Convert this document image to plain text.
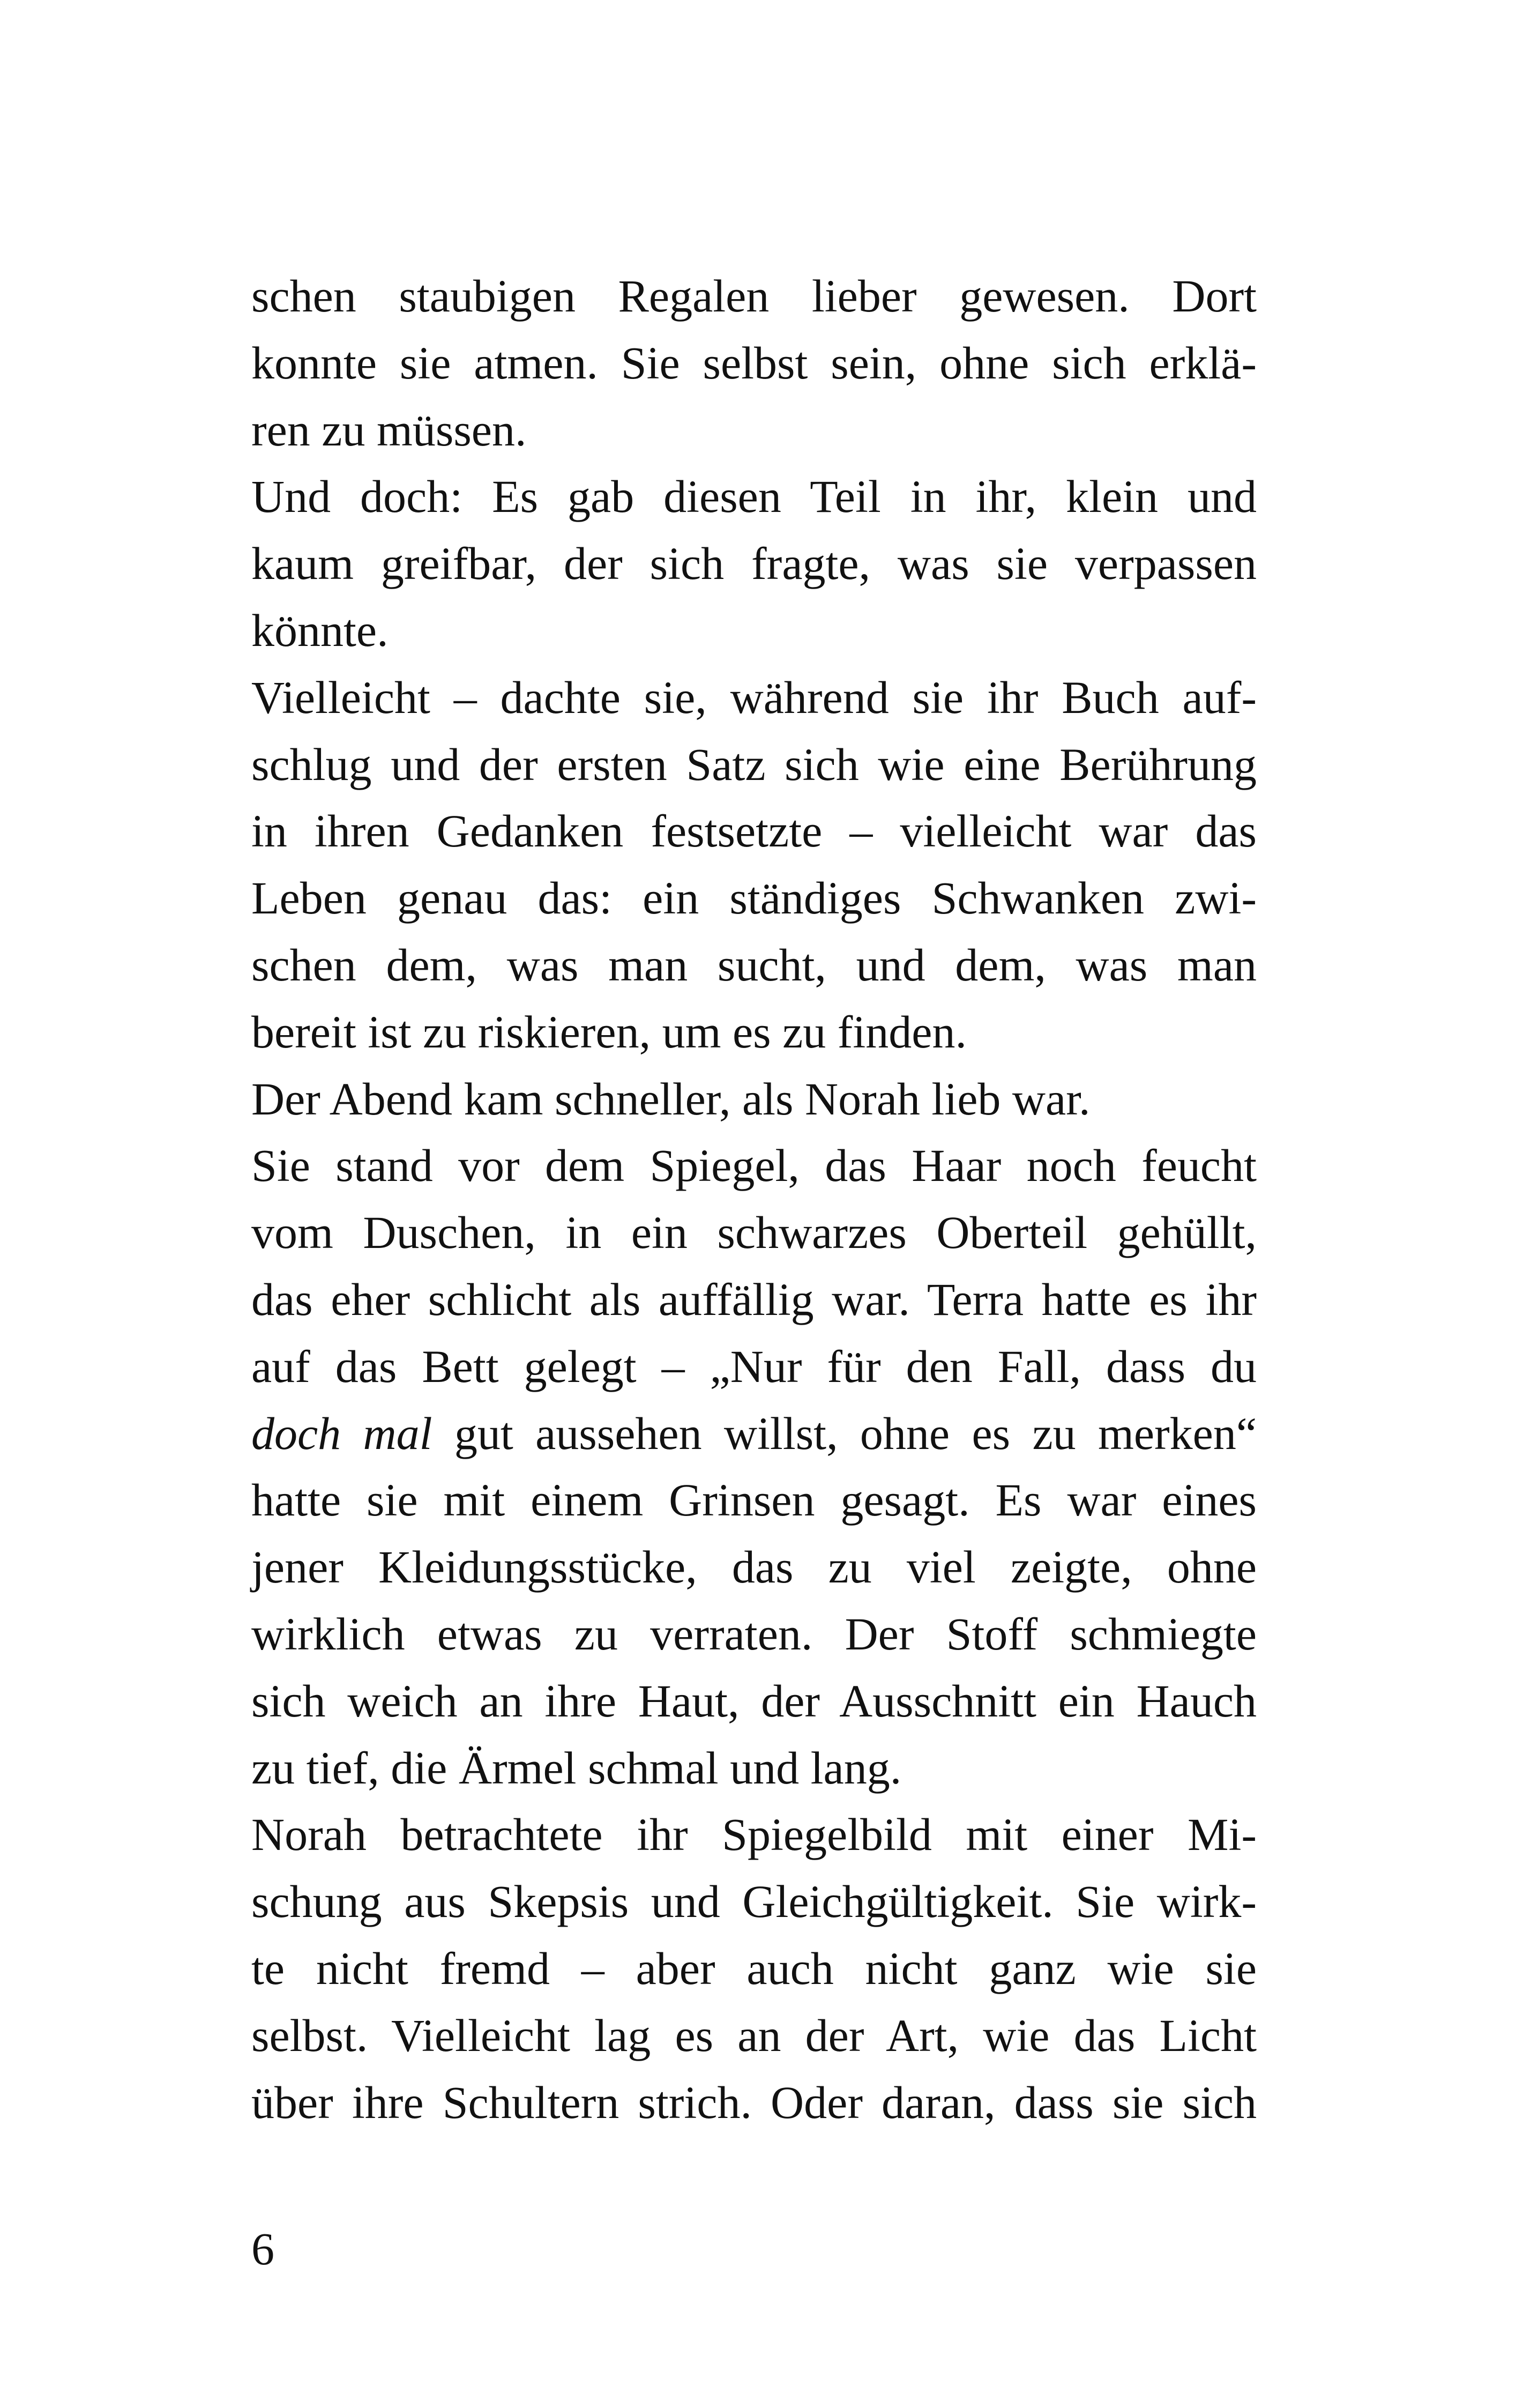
schen staubigen Regalen lieber gewesen. Dort
konnte sie atmen. Sie selbst sein, ohne sich erklä-
ren zu müssen.
Und doch: Es gab diesen Teil in ihr, klein und
kaum greifbar, der sich fragte, was sie verpassen
könnte.
Vielleicht – dachte sie, während sie ihr Buch auf-
schlug und der ersten Satz sich wie eine Berührung
in ihren Gedanken festsetzte – vielleicht war das
Leben genau das: ein ständiges Schwanken zwi-
schen dem, was man sucht, und dem, was man
bereit ist zu riskieren, um es zu finden.
Der Abend kam schneller, als Norah lieb war.
Sie stand vor dem Spiegel, das Haar noch feucht
vom Duschen, in ein schwarzes Oberteil gehüllt,
das eher schlicht als auffällig war. Terra hatte es ihr
auf das Bett gelegt – „Nur für den Fall, dass du
doch mal gut aussehen willst, ohne es zu merken“
hatte sie mit einem Grinsen gesagt. Es war eines
jener Kleidungsstücke, das zu viel zeigte, ohne
wirklich etwas zu verraten. Der Stoff schmiegte
sich weich an ihre Haut, der Ausschnitt ein Hauch
zu tief, die Ärmel schmal und lang.
Norah betrachtete ihr Spiegelbild mit einer Mi-
schung aus Skepsis und Gleichgültigkeit. Sie wirk-
te nicht fremd – aber auch nicht ganz wie sie
selbst. Vielleicht lag es an der Art, wie das Licht
über ihre Schultern strich. Oder daran, dass sie sich
6
